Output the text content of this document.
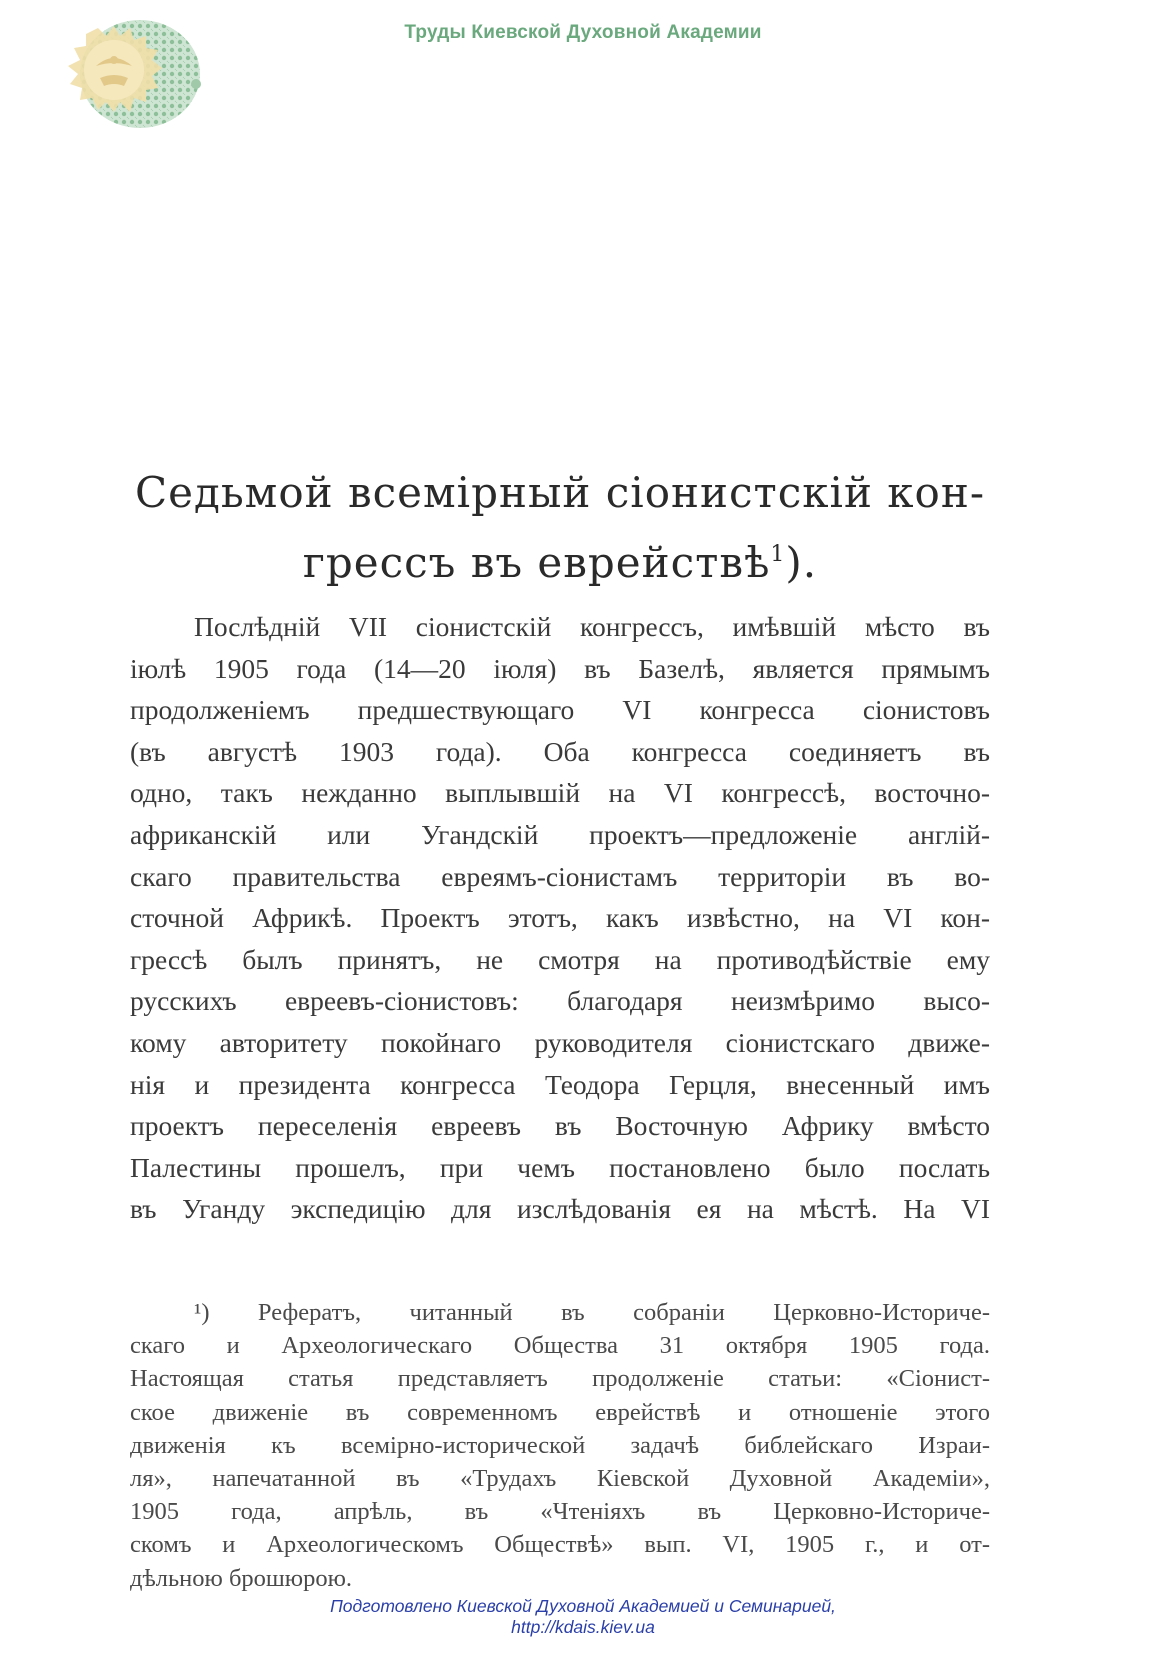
Труды Киевской Духовной Академии
Седьмой всемірный сіонистскій кон-
грессъ въ еврействѣ$^1$).
Послѣдній VII сіонистскій конгрессъ, имѣвшій мѣсто въ
іюлѣ 1905 года (14—20 іюля) въ Базелѣ, является прямымъ
продолженіемъ предшествующаго VI конгресса сіонистовъ
(въ августѣ 1903 года). Оба конгресса соединяетъ въ
одно, такъ нежданно выплывшій на VI конгрессѣ, восточно-
африканскій или Угандскій проектъ—предложеніе англій-
скаго правительства евреямъ-сіонистамъ территоріи въ во-
сточной Африкѣ. Проектъ этотъ, какъ извѣстно, на VI кон-
грессѣ былъ принятъ, не смотря на противодѣйствіе ему
русскихъ евреевъ-сіонистовъ: благодаря неизмѣримо высо-
кому авторитету покойнаго руководителя сіонистскаго движе-
нія и президента конгресса Теодора Герцля, внесенный имъ
проектъ переселенія евреевъ въ Восточную Африку вмѣсто
Палестины прошелъ, при чемъ постановлено было послать
въ Уганду экспедицію для изслѣдованія ея на мѣстѣ. На VI
¹) Рефератъ, читанный въ собраніи Церковно-Историче-
скаго и Археологическаго Общества 31 октября 1905 года.
Настоящая статья представляетъ продолженіе статьи: «Сіонист-
ское движеніе въ современномъ еврействѣ и отношеніе этого
движенія къ всемірно-исторической задачѣ библейскаго Израи-
ля», напечатанной въ «Трудахъ Кіевской Духовной Академіи»,
1905 года, апрѣль, въ «Чтеніяхъ въ Церковно-Историче-
скомъ и Археологическомъ Обществѣ» вып. VI, 1905 г., и от-
дѣльною брошюрою.
Подготовлено Киевской Духовной Академией и Семинарией,
http://kdais.kiev.ua
